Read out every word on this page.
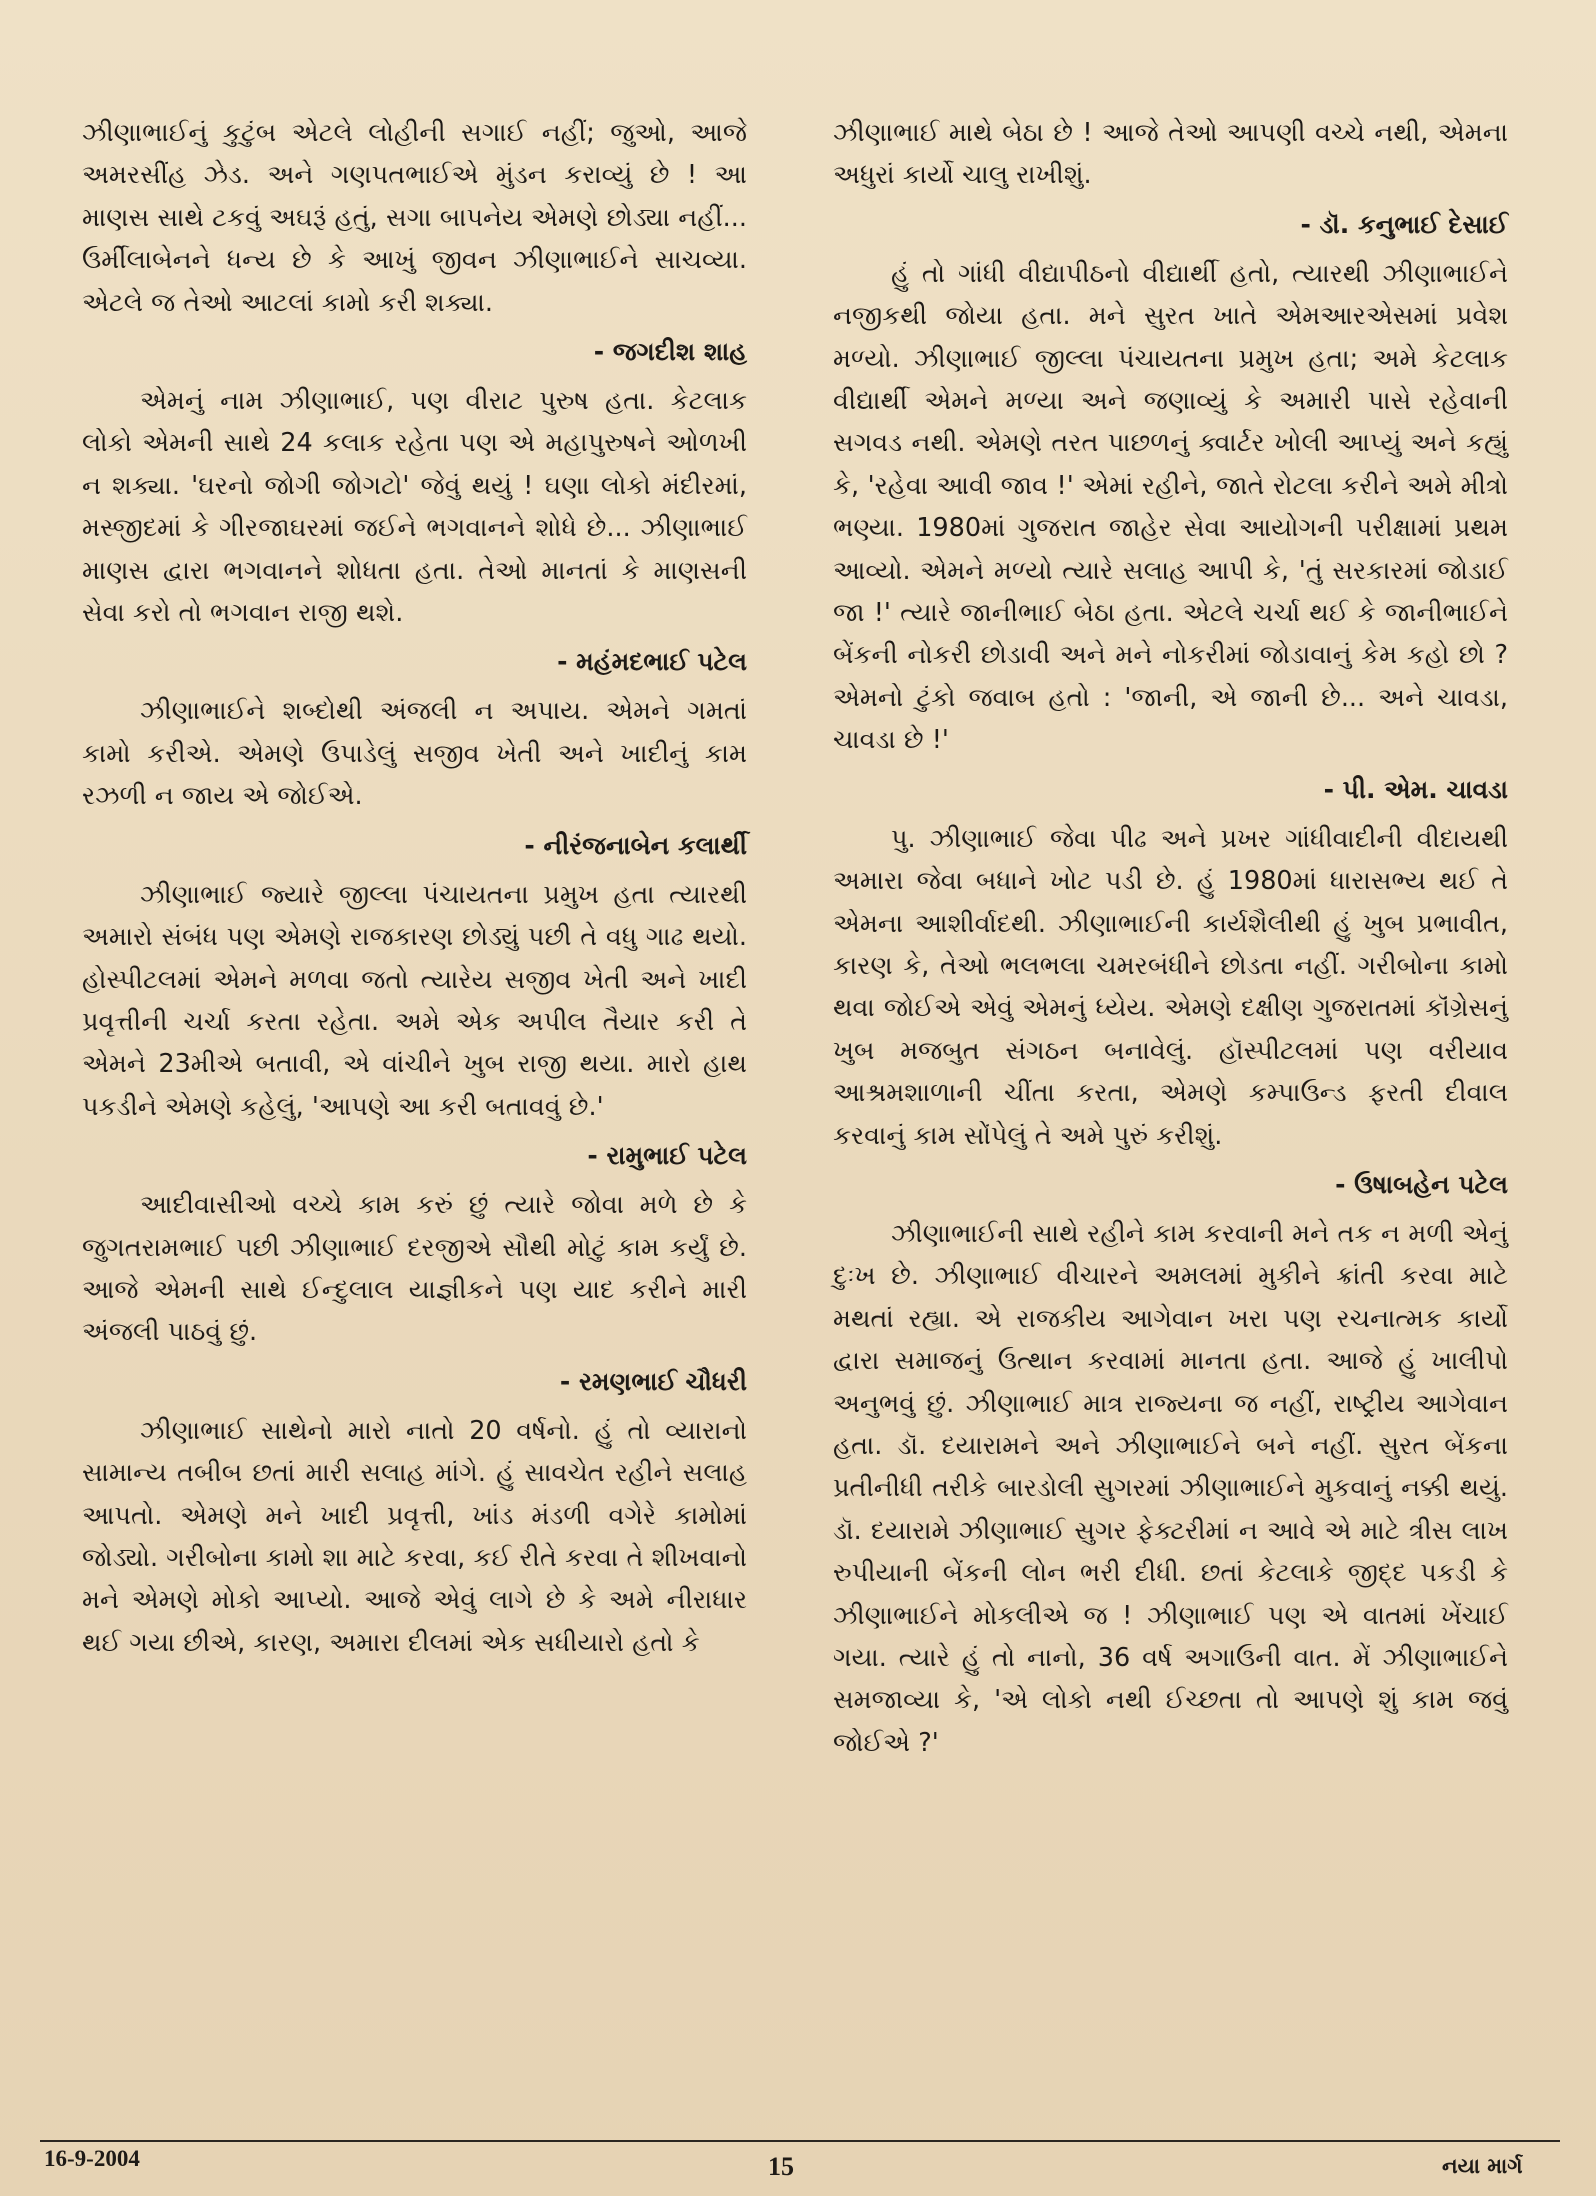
ઝીણાભાઈનું કુટુંબ એટલે લોહીની સગાઈ નહીં; જુઓ, આજે અમરસીંહ ઝેડ. અને ગણપતભાઈએ મુંડન કરાવ્યું છે ! આ માણસ સાથે ટકવું અઘરૂં હતું, સગા બાપનેય એમણે છોડ્યા નહીં... ઉર્મીલાબેનને ધન્ય છે કે આખું જીવન ઝીણાભાઈને સાચવ્યા. એટલે જ તેઓ આટલાં કામો કરી શક્યા.

- જગદીશ શાહ

એમનું નામ ઝીણાભાઈ, પણ વીરાટ પુરુષ હતા. કેટલાક લોકો એમની સાથે 24 કલાક રહેતા પણ એ મહાપુરુષને ઓળખી ન શક્યા. 'ઘરનો જોગી જોગટો' જેવું થયું ! ઘણા લોકો મંદીરમાં, મસ્જીદમાં કે ગીરજાઘરમાં જઈને ભગવાનને શોધે છે... ઝીણાભાઈ માણસ દ્વારા ભગવાનને શોધતા હતા. તેઓ માનતાં કે માણસની સેવા કરો તો ભગવાન રાજી થશે.

- મહંમદભાઈ પટેલ

ઝીણાભાઈને શબ્દોથી અંજલી ન અપાય. એમને ગમતાં કામો કરીએ. એમણે ઉપાડેલું સજીવ ખેતી અને ખાદીનું કામ રઝળી ન જાય એ જોઈએ.

- નીરંજનાબેન કલાર્થી

ઝીણાભાઈ જ્યારે જીલ્લા પંચાયતના પ્રમુખ હતા ત્યારથી અમારો સંબંધ પણ એમણે રાજકારણ છોડ્યું પછી તે વધુ ગાઢ થયો. હોસ્પીટલમાં એમને મળવા જતો ત્યારેય સજીવ ખેતી અને ખાદી પ્રવૃત્તીની ચર્ચા કરતા રહેતા. અમે એક અપીલ તૈયાર કરી તે એમને 23મીએ બતાવી, એ વાંચીને ખુબ રાજી થયા. મારો હાથ પકડીને એમણે કહેલું, 'આપણે આ કરી બતાવવું છે.'

- રામુભાઈ પટેલ

આદીવાસીઓ વચ્ચે કામ કરું છું ત્યારે જોવા મળે છે કે જુગતરામભાઈ પછી ઝીણાભાઈ દરજીએ સૌથી મોટું કામ કર્યું છે. આજે એમની સાથે ઈન્દુલાલ યાજ્ઞીકને પણ યાદ કરીને મારી અંજલી પાઠવું છું.

- રમણભાઈ ચૌધરી

ઝીણાભાઈ સાથેનો મારો નાતો 20 વર્ષનો. હું તો વ્યારાનો સામાન્ય તબીબ છતાં મારી સલાહ માંગે. હું સાવચેત રહીને સલાહ આપતો. એમણે મને ખાદી પ્રવૃત્તી, ખાંડ મંડળી વગેરે કામોમાં જોડ્યો. ગરીબોના કામો શા માટે કરવા, કઈ રીતે કરવા તે શીખવાનો મને એમણે મોકો આપ્યો. આજે એવું લાગે છે કે અમે નીરાધાર થઈ ગયા છીએ, કારણ, અમારા દીલમાં એક સધીયારો હતો કે

ઝીણાભાઈ માથે બેઠા છે ! આજે તેઓ આપણી વચ્ચે નથી, એમના અધુરાં કાર્યો ચાલુ રાખીશું.

- ડૉ. કનુભાઈ દેસાઈ

હું તો ગાંધી વીદ્યાપીઠનો વીદ્યાર્થી હતો, ત્યારથી ઝીણાભાઈને નજીકથી જોયા હતા. મને સુરત ખાતે એમઆરએસમાં પ્રવેશ મળ્યો. ઝીણાભાઈ જીલ્લા પંચાયતના પ્રમુખ હતા; અમે કેટલાક વીદ્યાર્થી એમને મળ્યા અને જણાવ્યું કે અમારી પાસે રહેવાની સગવડ નથી. એમણે તરત પાછળનું ક્વાર્ટર ખોલી આપ્યું અને કહ્યું કે, 'રહેવા આવી જાવ !' એમાં રહીને, જાતે રોટલા કરીને અમે મીત્રો ભણ્યા. 1980માં ગુજરાત જાહેર સેવા આયોગની પરીક્ષામાં પ્રથમ આવ્યો. એમને મળ્યો ત્યારે સલાહ આપી કે, 'તું સરકારમાં જોડાઈ જા !' ત્યારે જાનીભાઈ બેઠા હતા. એટલે ચર્ચા થઈ કે જાનીભાઈને બેંકની નોકરી છોડાવી અને મને નોકરીમાં જોડાવાનું કેમ કહો છો ? એમનો ટુંકો જવાબ હતો : 'જાની, એ જાની છે... અને ચાવડા, ચાવડા છે !'

- પી. એમ. ચાવડા

પુ. ઝીણાભાઈ જેવા પીઢ અને પ્રખર ગાંધીવાદીની વીદાયથી અમારા જેવા બધાને ખોટ પડી છે. હું 1980માં ધારાસભ્ય થઈ તે એમના આશીર્વાદથી. ઝીણાભાઈની કાર્યશૈલીથી હું ખુબ પ્રભાવીત, કારણ કે, તેઓ ભલભલા ચમરબંધીને છોડતા નહીં. ગરીબોના કામો થવા જોઈએ એવું એમનું ધ્યેય. એમણે દક્ષીણ ગુજરાતમાં કૉંગ્રેસનું ખુબ મજબુત સંગઠન બનાવેલું. હૉસ્પીટલમાં પણ વરીયાવ આશ્રમશાળાની ચીંતા કરતા, એમણે કમ્પાઉન્ડ ફરતી દીવાલ કરવાનું કામ સોંપેલું તે અમે પુરું કરીશું.

- ઉષાબહેન પટેલ

ઝીણાભાઈની સાથે રહીને કામ કરવાની મને તક ન મળી એનું દુઃખ છે. ઝીણાભાઈ વીચારને અમલમાં મુકીને ક્રાંતી કરવા માટે મથતાં રહ્યા. એ રાજકીય આગેવાન ખરા પણ રચનાત્મક કાર્યો દ્વારા સમાજનું ઉત્થાન કરવામાં માનતા હતા. આજે હું ખાલીપો અનુભવું છું. ઝીણાભાઈ માત્ર રાજ્યના જ નહીં, રાષ્ટ્રીય આગેવાન હતા. ડૉ. દયારામને અને ઝીણાભાઈને બને નહીં. સુરત બેંકના પ્રતીનીધી તરીકે બારડોલી સુગરમાં ઝીણાભાઈને મુકવાનું નક્કી થયું. ડૉ. દયારામે ઝીણાભાઈ સુગર ફેક્ટરીમાં ન આવે એ માટે ત્રીસ લાખ રુપીયાની બેંકની લોન ભરી દીધી. છતાં કેટલાકે જીદ્દ પકડી કે ઝીણાભાઈને મોકલીએ જ ! ઝીણાભાઈ પણ એ વાતમાં ખેંચાઈ ગયા. ત્યારે હું તો નાનો, 36 વર્ષ અગાઉની વાત. મેં ઝીણાભાઈને સમજાવ્યા કે, 'એ લોકો નથી ઈચ્છતા તો આપણે શું કામ જવું જોઈએ ?'

16-9-2004	15	નયા માર્ગ
